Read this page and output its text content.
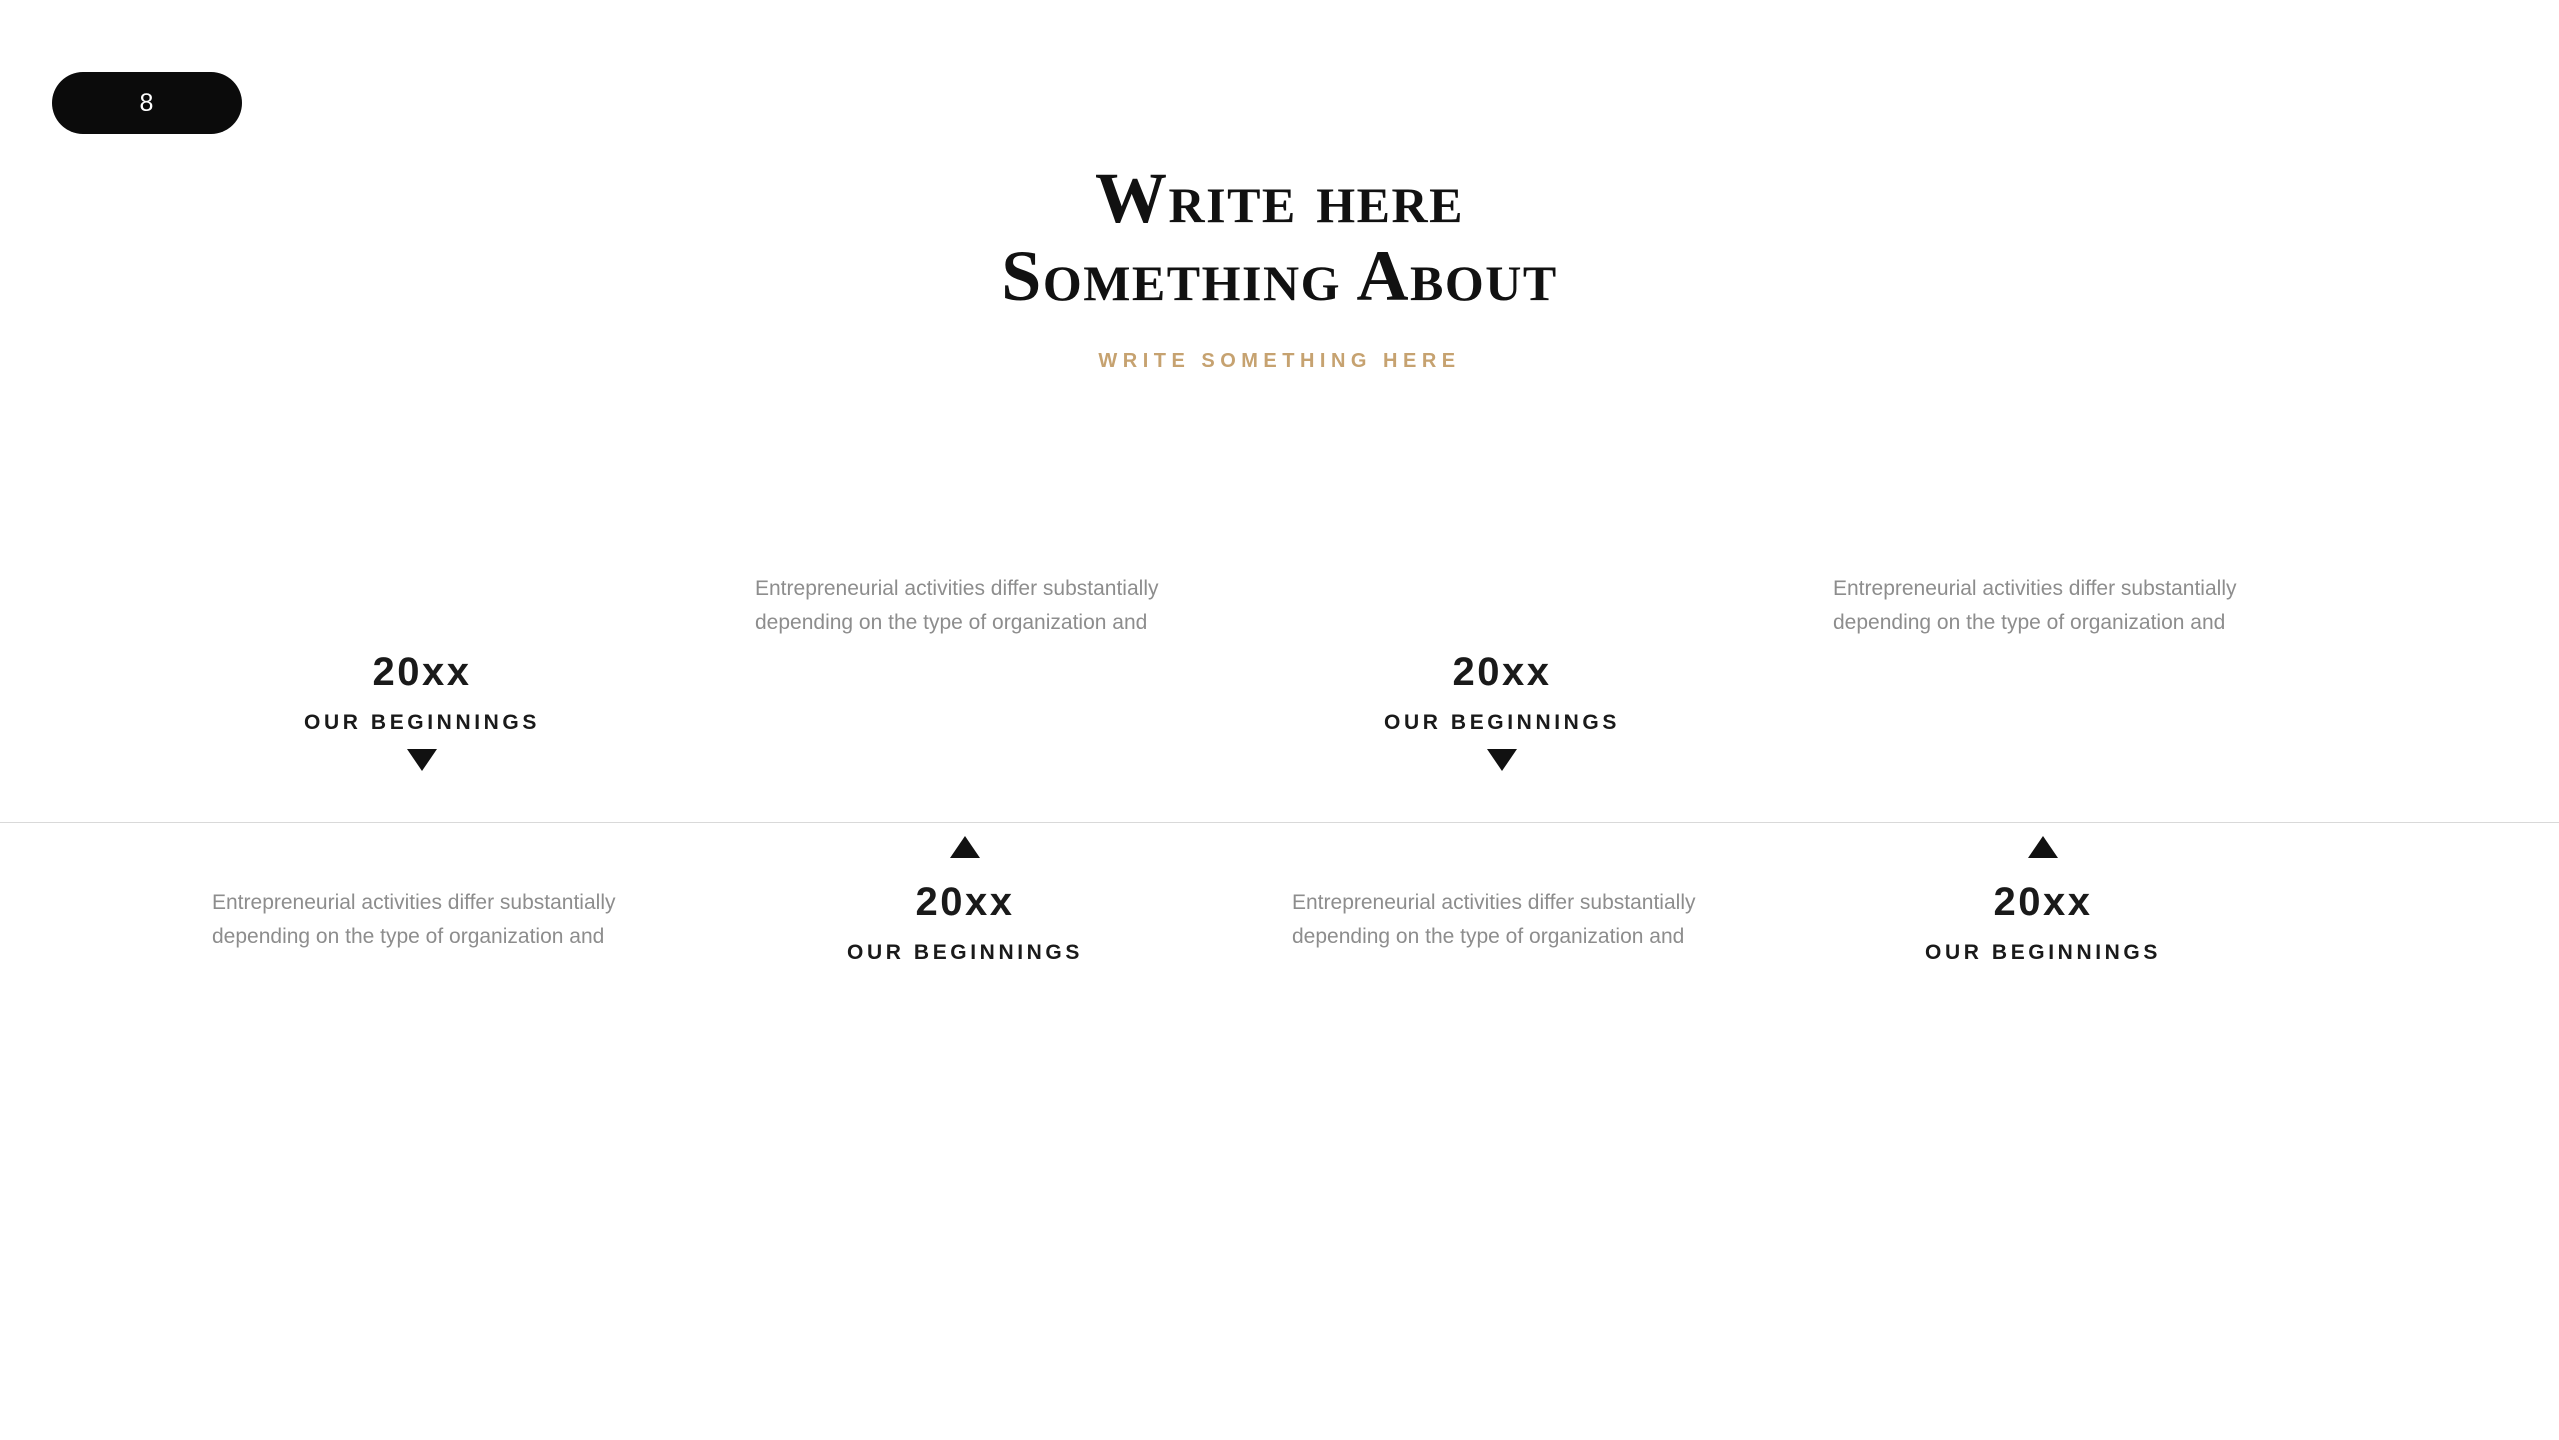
8
Write here
Something About
WRITE SOMETHING HERE
20xx
OUR BEGINNINGS
Entrepreneurial activities differ substantially depending on the type of organization and
Entrepreneurial activities differ substantially depending on the type of organization and
20xx
OUR BEGINNINGS
20xx
OUR BEGINNINGS
Entrepreneurial activities differ substantially depending on the type of organization and
Entrepreneurial activities differ substantially depending on the type of organization and
20xx
OUR BEGINNINGS
